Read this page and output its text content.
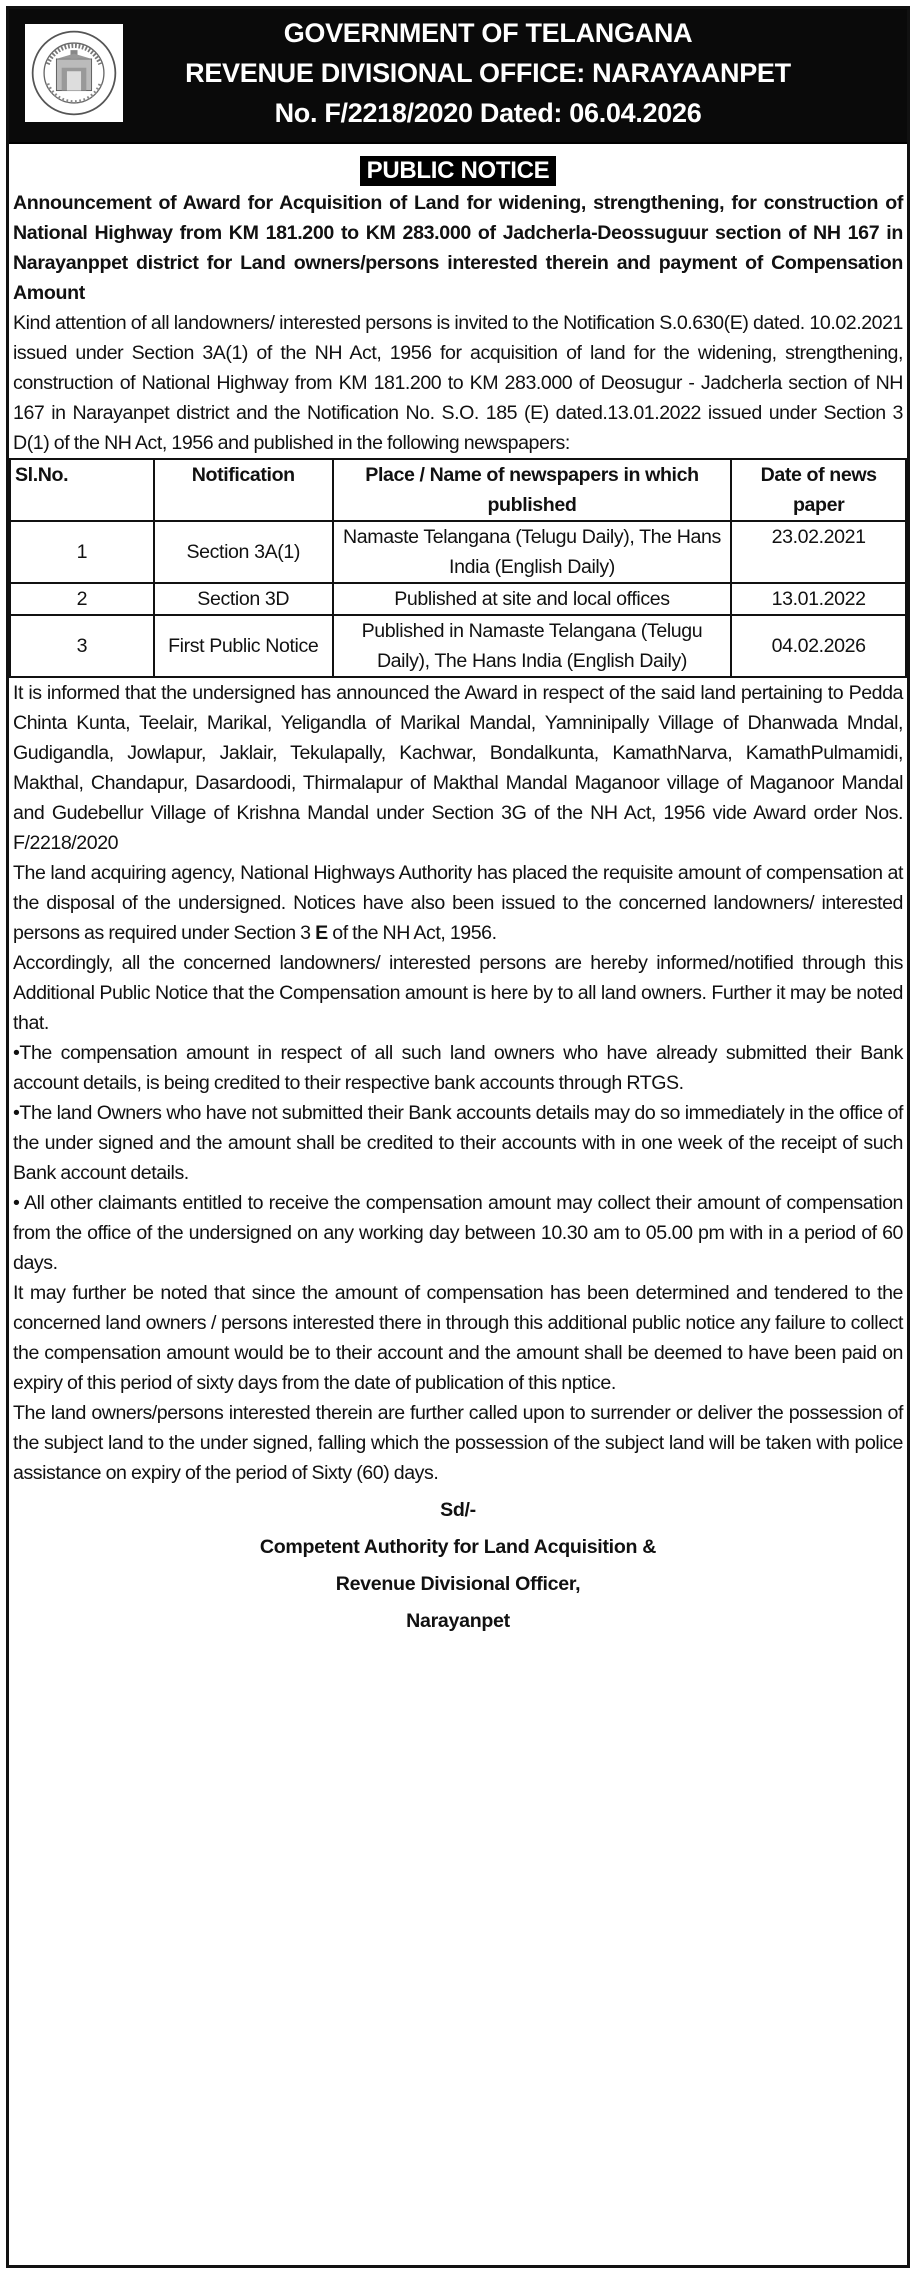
GOVERNMENT OF TELANGANA
REVENUE DIVISIONAL OFFICE: NARAYAANPET
No. F/2218/2020 Dated: 06.04.2026
PUBLIC NOTICE
Announcement of Award for Acquisition of Land for widening, strengthening, for construction of National Highway from KM 181.200 to KM 283.000 of Jadcherla-Deossuguur section of NH 167 in Narayanppet district for Land owners/persons interested therein and payment of Compensation Amount
Kind attention of all landowners/ interested persons is invited to the Notification S.0.630(E) dated. 10.02.2021 issued under Section 3A(1) of the NH Act, 1956 for acquisition of land for the widening, strengthening, construction of National Highway from KM 181.200 to KM 283.000 of Deosugur - Jadcherla section of NH 167 in Narayanpet district and the Notification No. S.O. 185 (E) dated.13.01.2022 issued under Section 3 D(1) of the NH Act, 1956 and published in the following newspapers:
Sl.No.	Notification	Place / Name of newspapers in which published	Date of news paper
1	Section 3A(1)	Namaste Telangana (Telugu Daily), The Hans India (English Daily)	23.02.2021
2	Section 3D	Published at site and local offices	13.01.2022
3	First Public Notice	Published in Namaste Telangana (Telugu Daily), The Hans India (English Daily)	04.02.2026
It is informed that the undersigned has announced the Award in respect of the said land pertaining to Pedda Chinta Kunta, Teelair, Marikal, Yeligandla of Marikal Mandal, Yamninipally Village of Dhanwada Mndal, Gudigandla, Jowlapur, Jaklair, Tekulapally, Kachwar, Bondalkunta, KamathNarva, KamathPulmamidi, Makthal, Chandapur, Dasardoodi, Thirmalapur of Makthal Mandal Maganoor village of Maganoor Mandal and Gudebellur Village of Krishna Mandal under Section 3G of the NH Act, 1956 vide Award order Nos. F/2218/2020
The land acquiring agency, National Highways Authority has placed the requisite amount of compensation at the disposal of the undersigned. Notices have also been issued to the concerned landowners/ interested persons as required under Section 3 E of the NH Act, 1956.
Accordingly, all the concerned landowners/ interested persons are hereby informed/notified through this Additional Public Notice that the Compensation amount is here by to all land owners. Further it may be noted that.
• The compensation amount in respect of all such land owners who have already submitted their Bank account details, is being credited to their respective bank accounts through RTGS.
• The land Owners who have not submitted their Bank accounts details may do so immediately in the office of the under signed and the amount shall be credited to their accounts with in one week of the receipt of such Bank account details.
• All other claimants entitled to receive the compensation amount may collect their amount of compensation from the office of the undersigned on any working day between 10.30 am to 05.00 pm with in a period of 60 days.
It may further be noted that since the amount of compensation has been determined and tendered to the concerned land owners / persons interested there in through this additional public notice any failure to collect the compensation amount would be to their account and the amount shall be deemed to have been paid on expiry of this period of sixty days from the date of publication of this nptice.
The land owners/persons interested therein are further called upon to surrender or deliver the possession of the subject land to the under signed, falling which the possession of the subject land will be taken with police assistance on expiry of the period of Sixty (60) days.
Sd/-
Competent Authority for Land Acquisition &
Revenue Divisional Officer,
Narayanpet
